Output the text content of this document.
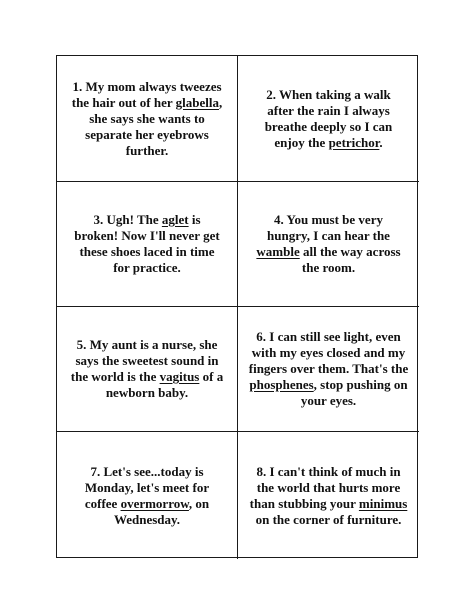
1. My mom always tweezes the hair out of her glabella, she says she wants to separate her eyebrows further.
2. When taking a walk after the rain I always breathe deeply so I can enjoy the petrichor.
3. Ugh! The aglet is broken! Now I'll never get these shoes laced in time for practice.
4. You must be very hungry, I can hear the wamble all the way across the room.
5. My aunt is a nurse, she says the sweetest sound in the world is the vagitus of a newborn baby.
6. I can still see light, even with my eyes closed and my fingers over them. That's the phosphenes, stop pushing on your eyes.
7. Let's see...today is Monday, let's meet for coffee overmorrow, on Wednesday.
8. I can't think of much in the world that hurts more than stubbing your minimus on the corner of furniture.
